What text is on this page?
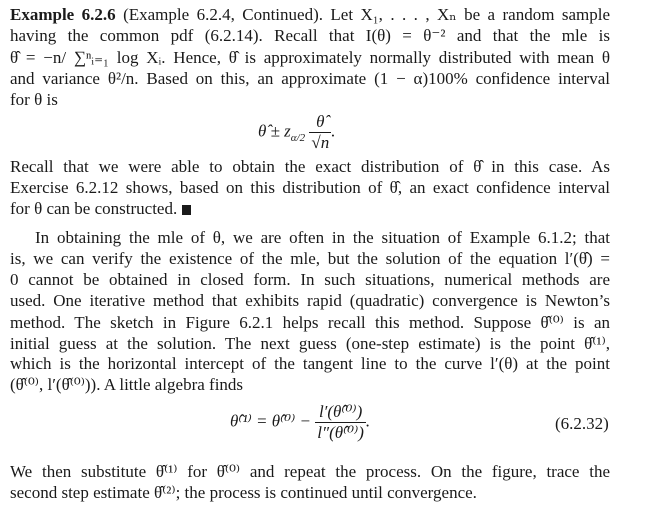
Example 6.2.6 (Example 6.2.4, Continued). Let X₁, . . . , Xₙ be a random sample
having the common pdf (6.2.14). Recall that I(θ) = θ⁻² and that the mle is
θ̂ = −n/ ∑ⁿᵢ₌₁ log Xᵢ. Hence, θ̂ is approximately normally distributed with mean θ
and variance θ²/n. Based on this, an approximate (1 − α)100% confidence interval
for θ is
θ̂ ± $z_{\alpha/2} \frac{\thetâ}{√n}$ .
Recall that we were able to obtain the exact distribution of θ̂ in this case. As
Exercise 6.2.12 shows, based on this distribution of θ̂, an exact confidence interval
for θ can be constructed.
In obtaining the mle of θ, we are often in the situation of Example 6.1.2; that
is, we can verify the existence of the mle, but the solution of the equation l′(θ̂) =
0 cannot be obtained in closed form. In such situations, numerical methods are
used. One iterative method that exhibits rapid (quadratic) convergence is Newton’s
method. The sketch in Figure 6.2.1 helps recall this method. Suppose θ̂⁽⁰⁾ is an
initial guess at the solution. The next guess (one-step estimate) is the point θ̂⁽¹⁾,
which is the horizontal intercept of the tangent line to the curve l′(θ) at the point
(θ̂⁽⁰⁾, l′(θ̂⁽⁰⁾)). A little algebra finds
θ̂⁽¹⁾ = θ̂⁽⁰⁾ − $\frac{\text{l′(θ̂⁽⁰⁾)}}{\text{l″(θ̂⁽⁰⁾)}}$ .	(6.2.32)
We then substitute θ̂⁽¹⁾ for θ̂⁽⁰⁾ and repeat the process. On the figure, trace the
second step estimate θ̂⁽²⁾; the process is continued until convergence.
